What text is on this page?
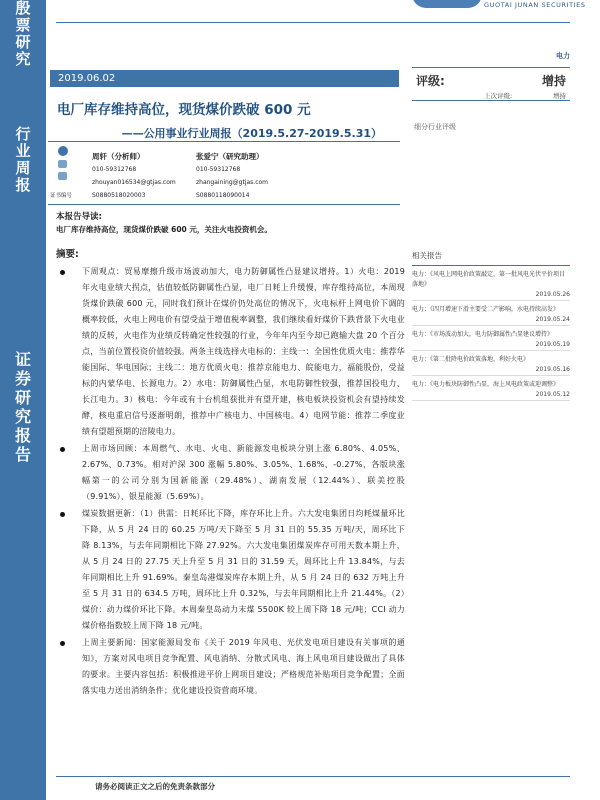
殷
票
研
究
行
业
周
报
证
券
研
究
报
告
GUOTAI JUNAN SECURITIES
电力
2019.06.02
电厂库存维持高位，现货煤价跌破 600 元
——公用事业行业周报（2019.5.27-2019.5.31）
评级:	增持
上次评级:	增持
细分行业评级
周轩（分析师）
010-59312768
zhouyan016534@gtjas.com
S0880518020003
张爱宁（研究助理）
010-59312768
zhangaining@gtjas.com
S0880118090014
证书编号
本报告导读:
电厂库存维持高位，现货煤价跌破 600 元，关注火电投资机会。
摘要:
下周观点：贸易摩擦升级市场波动加大，电力防御属性凸显建议增持。1）火电：2019 年火电业绩大拐点，估值较低防御属性凸显，电厂日耗上升缓慢，库存维持高位，本周现货煤价跌破 600 元，同时我们预计在煤价仍处高位的情况下，火电标杆上网电价下调的概率较低，火电上网电价有望受益于增值税率调整，我们继续看好煤价下跌背景下火电业绩的反转，火电作为业绩反转确定性较强的行业，今年年内至今却已跑输大盘 20 个百分点，当前位置投资价值较强。两条主线选择火电标的：主线一：全国性优质火电：推荐华能国际、华电国际；主线二：地方优质火电：推荐京能电力、皖能电力，福能股份，受益标的内蒙华电、长源电力。2）水电：防御属性凸显，水电防御性较强，推荐国投电力、长江电力。3）核电：今年或有十台机组获批并有望开建，核电板块投资机会有望持续发酵，核电重启信号逐渐明朗，推荐中广核电力、中国核电。4）电网节能：推荐二季度业绩有望超预期的涪陵电力。
上周市场回顾：本周燃气、水电、火电、新能源发电板块分别上涨 6.80%、4.05%、2.67%、0.73%。相对沪深 300 涨幅 5.80%、3.05%、1.68%、-0.27%，各版块涨幅第一的公司分别为国新能源（29.48%）、湖南发展（12.44%）、联美控股（9.91%）、银星能源（5.69%）。
煤炭数据更新：（1）供需：日耗环比下降，库存环比上升。六大发电集团日均耗煤量环比下降，从 5 月 24 日的 60.25 万吨/天下降至 5 月 31 日的 55.35 万吨/天，周环比下降 8.13%，与去年同期相比下降 27.92%。六大发电集团煤炭库存可用天数本期上升，从 5 月 24 日的 27.75 天上升至 5 月 31 日的 31.59 天，周环比上升 13.84%，与去年同期相比上升 91.69%。秦皇岛港煤炭库存本期上升，从 5 月 24 日的 632 万吨上升至 5 月 31 日的 634.5 万吨，周环比上升 0.32%，与去年同期相比上升 21.44%。（2）煤价：动力煤价环比下降。本周秦皇岛动力末煤 5500K 较上周下降 18 元/吨；CCI 动力煤价格指数较上周下降 18 元/吨。
上周主要新闻：国家能源局发布《关于 2019 年风电、光伏发电项目建设有关事项的通知》，方案对风电项目竞争配置、风电消纳、分散式风电、海上风电项目建设做出了具体的要求。主要内容包括：积极推进平价上网项目建设；严格规范补贴项目竞争配置；全面落实电力送出消纳条件；优化建设投资营商环境。
相关报告
电力：《风电上网电价政策敲定，第一批风电光伏平价项目落地》
2019.05.26
电力：《四月增速下滑主要受二产影响，水电持续高发》
2019.05.24
电力：《市场波动加大，电力防御属性凸显建议增持》
2019.05.19
电力：《第二批降电价政策落地，利好火电》
2019.05.16
电力：《电力板块防御性凸显，海上风电政策或迎调整》
2019.05.12
请务必阅读正文之后的免责条款部分
